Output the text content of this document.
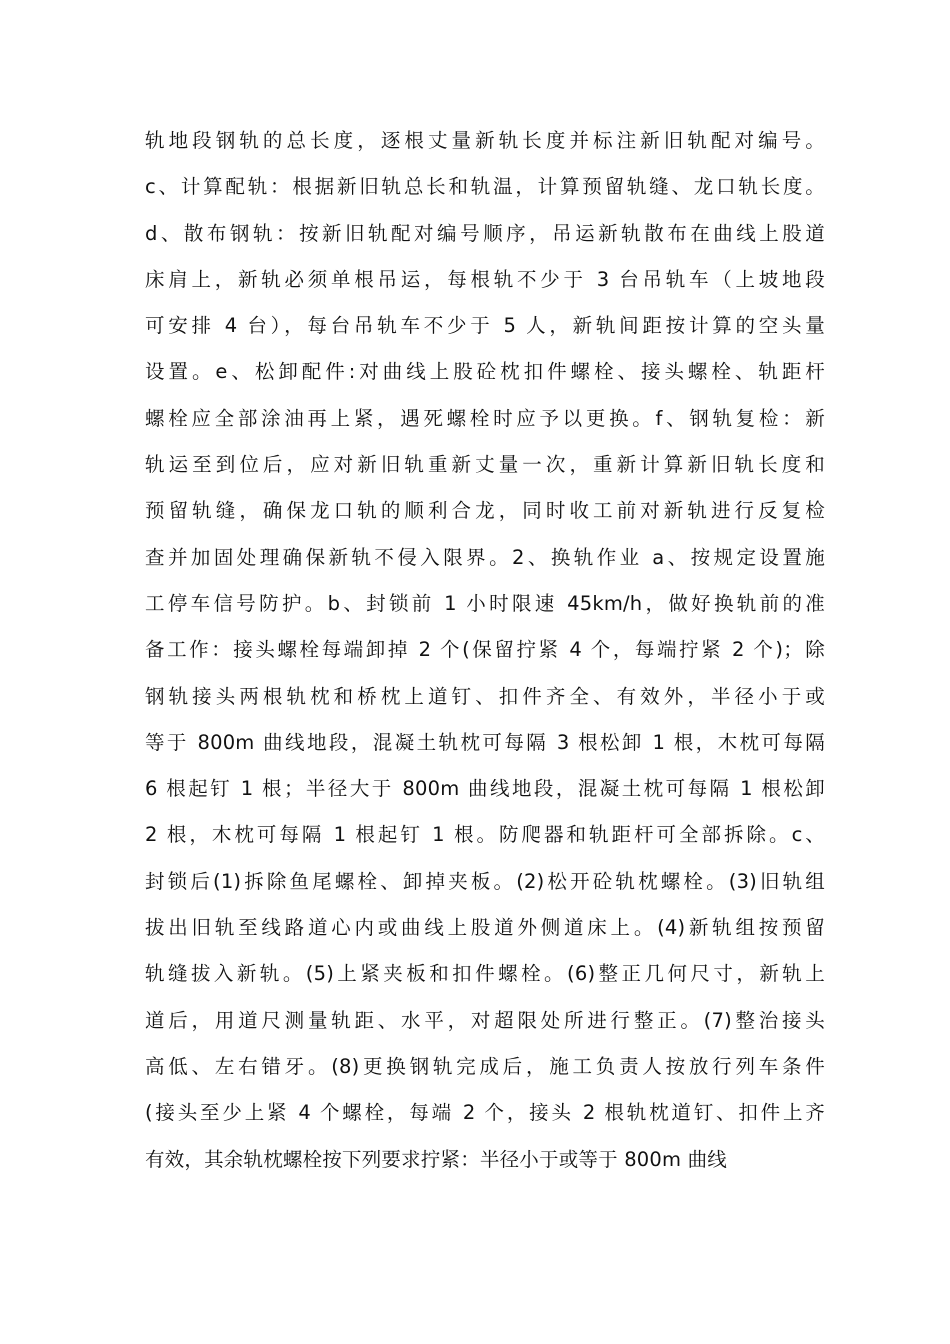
轨地段钢轨的总长度，逐根丈量新轨长度并标注新旧轨配对编号。
c、计算配轨：根据新旧轨总长和轨温，计算预留轨缝、龙口轨长度。
d、散布钢轨：按新旧轨配对编号顺序，吊运新轨散布在曲线上股道
床肩上，新轨必须单根吊运，每根轨不少于 3 台吊轨车（上坡地段
可安排 4 台），每台吊轨车不少于 5 人，新轨间距按计算的空头量
设置。e、松卸配件:对曲线上股砼枕扣件螺栓、接头螺栓、轨距杆
螺栓应全部涂油再上紧，遇死螺栓时应予以更换。f、钢轨复检：新
轨运至到位后，应对新旧轨重新丈量一次，重新计算新旧轨长度和
预留轨缝，确保龙口轨的顺利合龙，同时收工前对新轨进行反复检
查并加固处理确保新轨不侵入限界。2、换轨作业 a、按规定设置施
工停车信号防护。b、封锁前 1 小时限速 45km/h，做好换轨前的准
备工作：接头螺栓每端卸掉 2 个(保留拧紧 4 个，每端拧紧 2 个)；除
钢轨接头两根轨枕和桥枕上道钉、扣件齐全、有效外，半径小于或
等于 800m 曲线地段，混凝土轨枕可每隔 3 根松卸 1 根，木枕可每隔
6 根起钉 1 根；半径大于 800m 曲线地段，混凝土枕可每隔 1 根松卸
2 根，木枕可每隔 1 根起钉 1 根。防爬器和轨距杆可全部拆除。c、
封锁后(1)拆除鱼尾螺栓、卸掉夹板。(2)松开砼轨枕螺栓。(3)旧轨组
拔出旧轨至线路道心内或曲线上股道外侧道床上。(4)新轨组按预留
轨缝拔入新轨。(5)上紧夹板和扣件螺栓。(6)整正几何尺寸，新轨上
道后，用道尺测量轨距、水平，对超限处所进行整正。(7)整治接头
高低、左右错牙。(8)更换钢轨完成后，施工负责人按放行列车条件
(接头至少上紧 4 个螺栓，每端 2 个，接头 2 根轨枕道钉、扣件上齐
有效，其余轨枕螺栓按下列要求拧紧：半径小于或等于 800m 曲线
